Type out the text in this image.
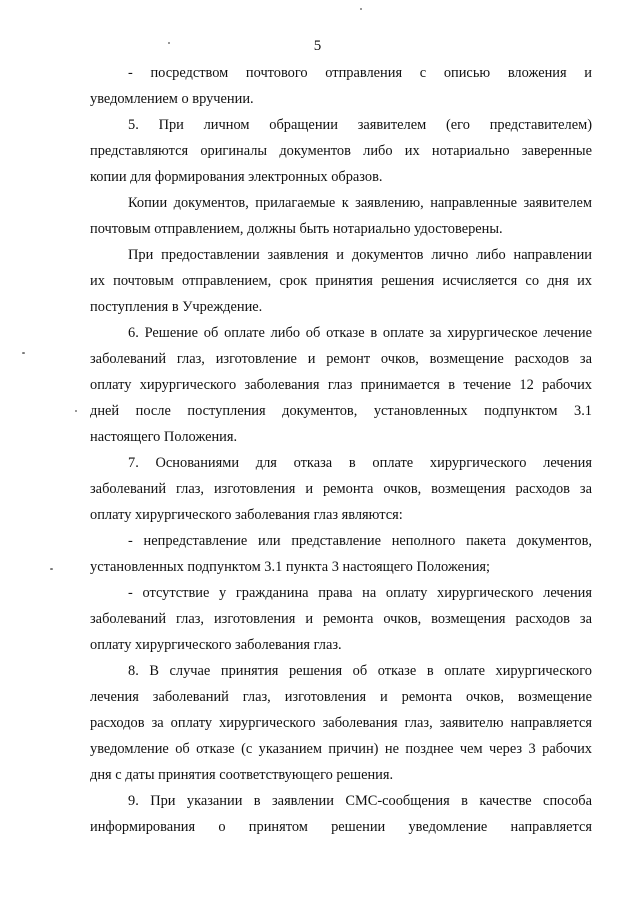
5
- посредством почтового отправления с описью вложения и
уведомлением о вручении.
5. При личном обращении заявителем (его представителем)
представляются оригиналы документов либо их нотариально заверенные
копии для формирования электронных образов.
Копии документов, прилагаемые к заявлению, направленные заявителем
почтовым отправлением, должны быть нотариально удостоверены.
При предоставлении заявления и документов лично либо направлении
их почтовым отправлением, срок принятия решения исчисляется со дня их
поступления в Учреждение.
6. Решение об оплате либо об отказе в оплате за хирургическое лечение
заболеваний глаз, изготовление и ремонт очков, возмещение расходов за
оплату хирургического заболевания глаз принимается в течение 12 рабочих
дней после поступления документов, установленных подпунктом 3.1
настоящего Положения.
7. Основаниями для отказа в оплате хирургического лечения
заболеваний глаз, изготовления и ремонта очков, возмещения расходов за
оплату хирургического заболевания глаз являются:
- непредставление или представление неполного пакета документов,
установленных подпунктом 3.1 пункта 3 настоящего Положения;
- отсутствие у гражданина права на оплату хирургического лечения
заболеваний глаз, изготовления и ремонта очков, возмещения расходов за
оплату хирургического заболевания глаз.
8. В случае принятия решения об отказе в оплате хирургического
лечения заболеваний глаз, изготовления и ремонта очков, возмещение
расходов за оплату хирургического заболевания глаз, заявителю направляется
уведомление об отказе (с указанием причин) не позднее чем через 3 рабочих
дня с даты принятия соответствующего решения.
9. При указании в заявлении СМС-сообщения в качестве способа
информирования о принятом решении уведомление направляется
